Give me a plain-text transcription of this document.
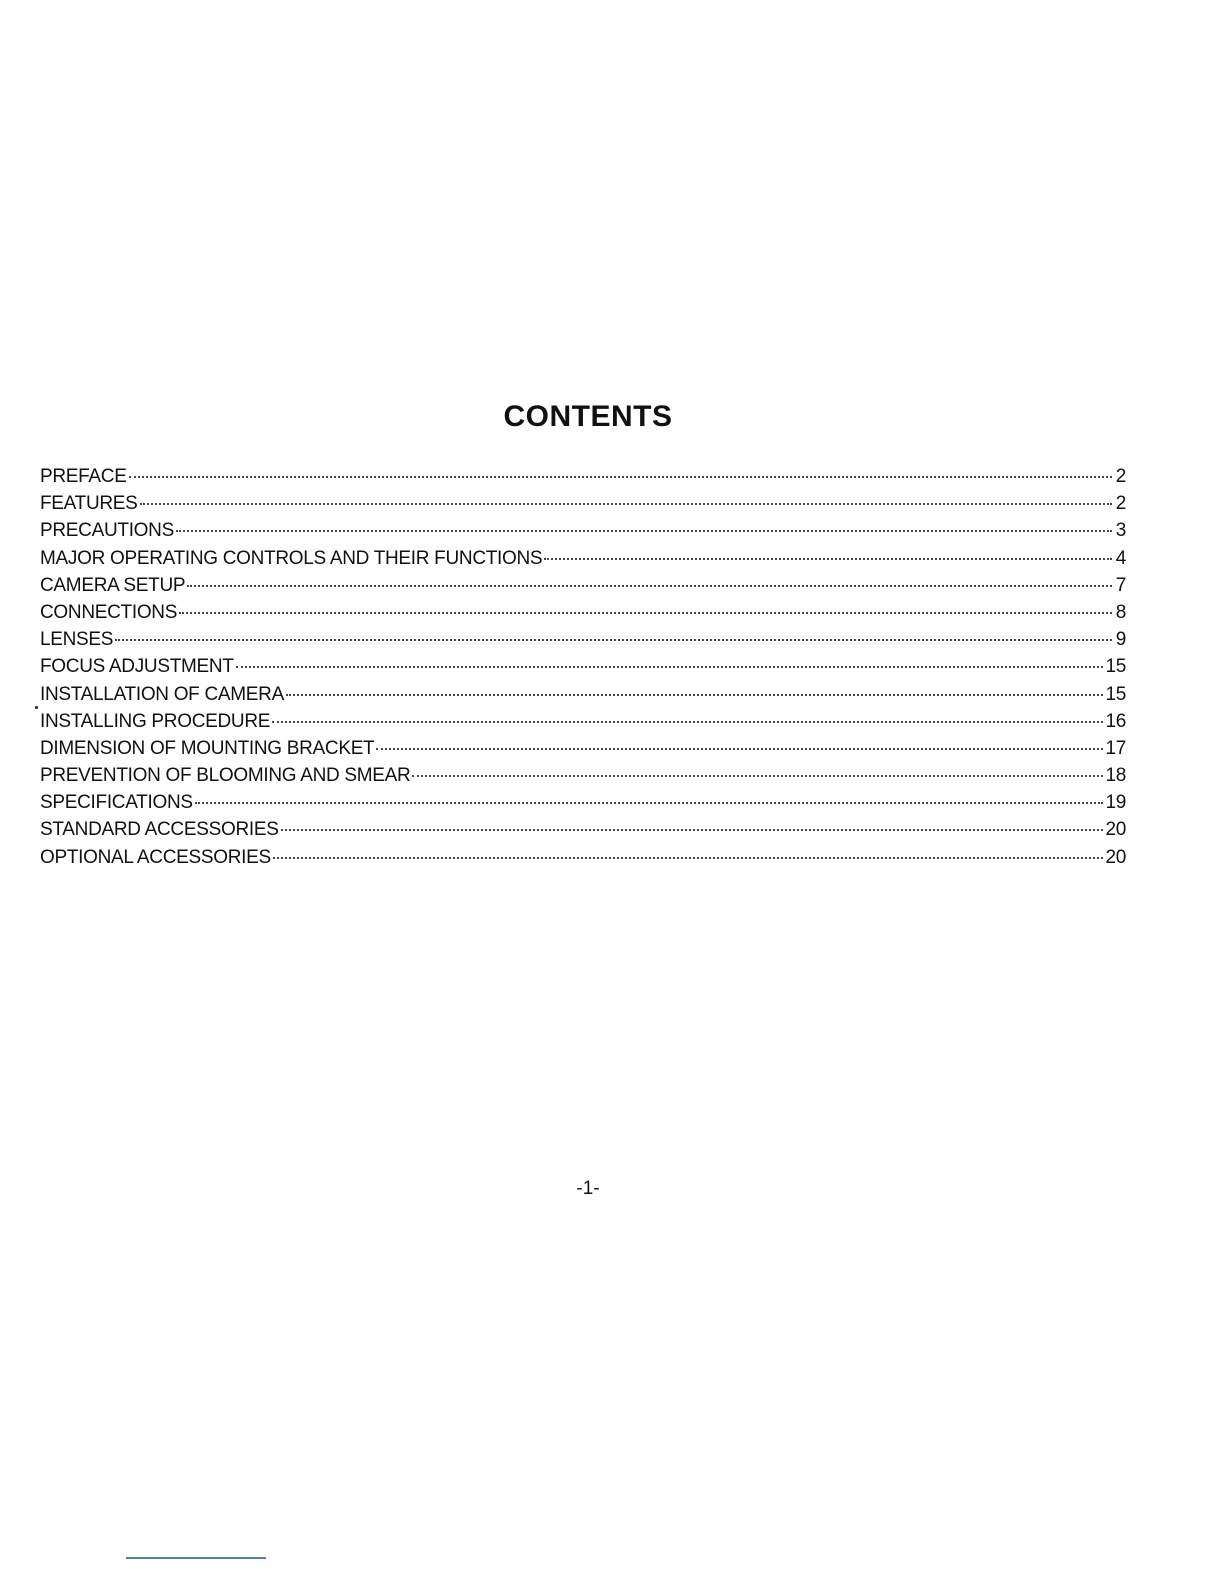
CONTENTS
PREFACE	2
FEATURES	2
PRECAUTIONS	3
MAJOR OPERATING CONTROLS AND THEIR FUNCTIONS	4
CAMERA SETUP	7
CONNECTIONS	8
LENSES	9
FOCUS ADJUSTMENT	15
INSTALLATION OF CAMERA	15
INSTALLING PROCEDURE	16
DIMENSION OF MOUNTING BRACKET	17
PREVENTION OF BLOOMING AND SMEAR	18
SPECIFICATIONS	19
STANDARD ACCESSORIES	20
OPTIONAL ACCESSORIES	20
-1-
